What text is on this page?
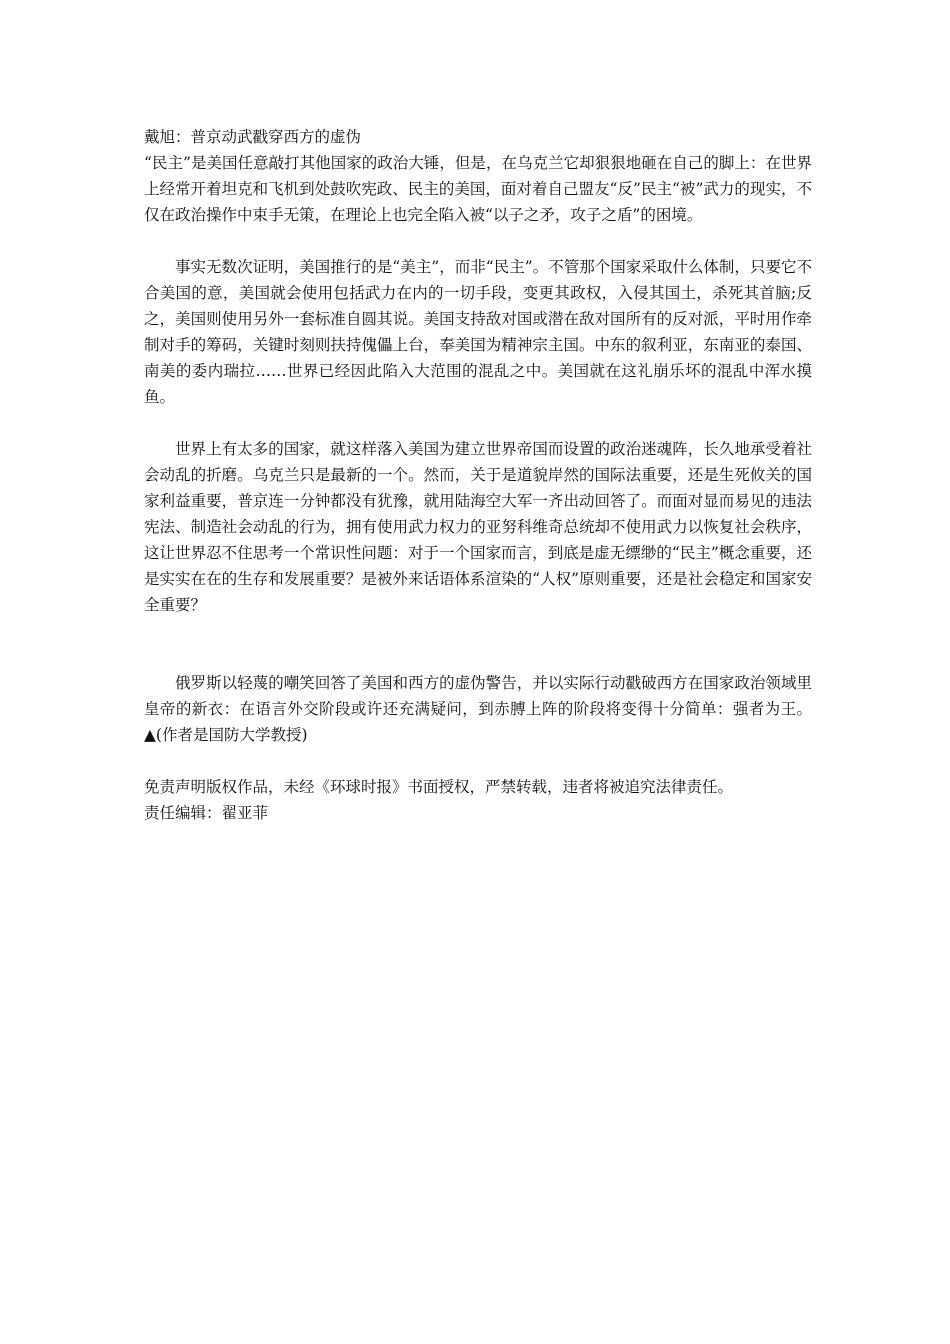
戴旭：普京动武戳穿西方的虚伪

“民主”是美国任意敲打其他国家的政治大锤，但是，在乌克兰它却狠狠地砸在自己的脚上：在世界上经常开着坦克和飞机到处鼓吹宪政、民主的美国，面对着自己盟友“反”民主“被”武力的现实，不仅在政治操作中束手无策，在理论上也完全陷入被“以子之矛，攻子之盾”的困境。

事实无数次证明，美国推行的是“美主”，而非“民主”。不管那个国家采取什么体制，只要它不合美国的意，美国就会使用包括武力在内的一切手段，变更其政权，入侵其国土，杀死其首脑;反之，美国则使用另外一套标准自圆其说。美国支持敌对国或潜在敌对国所有的反对派，平时用作牵制对手的筹码，关键时刻则扶持傀儡上台，奉美国为精神宗主国。中东的叙利亚，东南亚的泰国、南美的委内瑞拉……世界已经因此陷入大范围的混乱之中。美国就在这礼崩乐坏的混乱中浑水摸鱼。

世界上有太多的国家，就这样落入美国为建立世界帝国而设置的政治迷魂阵，长久地承受着社会动乱的折磨。乌克兰只是最新的一个。然而，关于是道貌岸然的国际法重要，还是生死攸关的国家利益重要，普京连一分钟都没有犹豫，就用陆海空大军一齐出动回答了。而面对显而易见的违法宪法、制造社会动乱的行为，拥有使用武力权力的亚努科维奇总统却不使用武力以恢复社会秩序，这让世界忍不住思考一个常识性问题：对于一个国家而言，到底是虚无缥缈的“民主”概念重要，还是实实在在的生存和发展重要？是被外来话语体系渲染的“人权”原则重要，还是社会稳定和国家安全重要？

俄罗斯以轻蔑的嘲笑回答了美国和西方的虚伪警告，并以实际行动戳破西方在国家政治领域里皇帝的新衣：在语言外交阶段或许还充满疑问，到赤膊上阵的阶段将变得十分简单：强者为王。▲(作者是国防大学教授)

免责声明版权作品，未经《环球时报》书面授权，严禁转载，违者将被追究法律责任。

责任编辑：翟亚菲
